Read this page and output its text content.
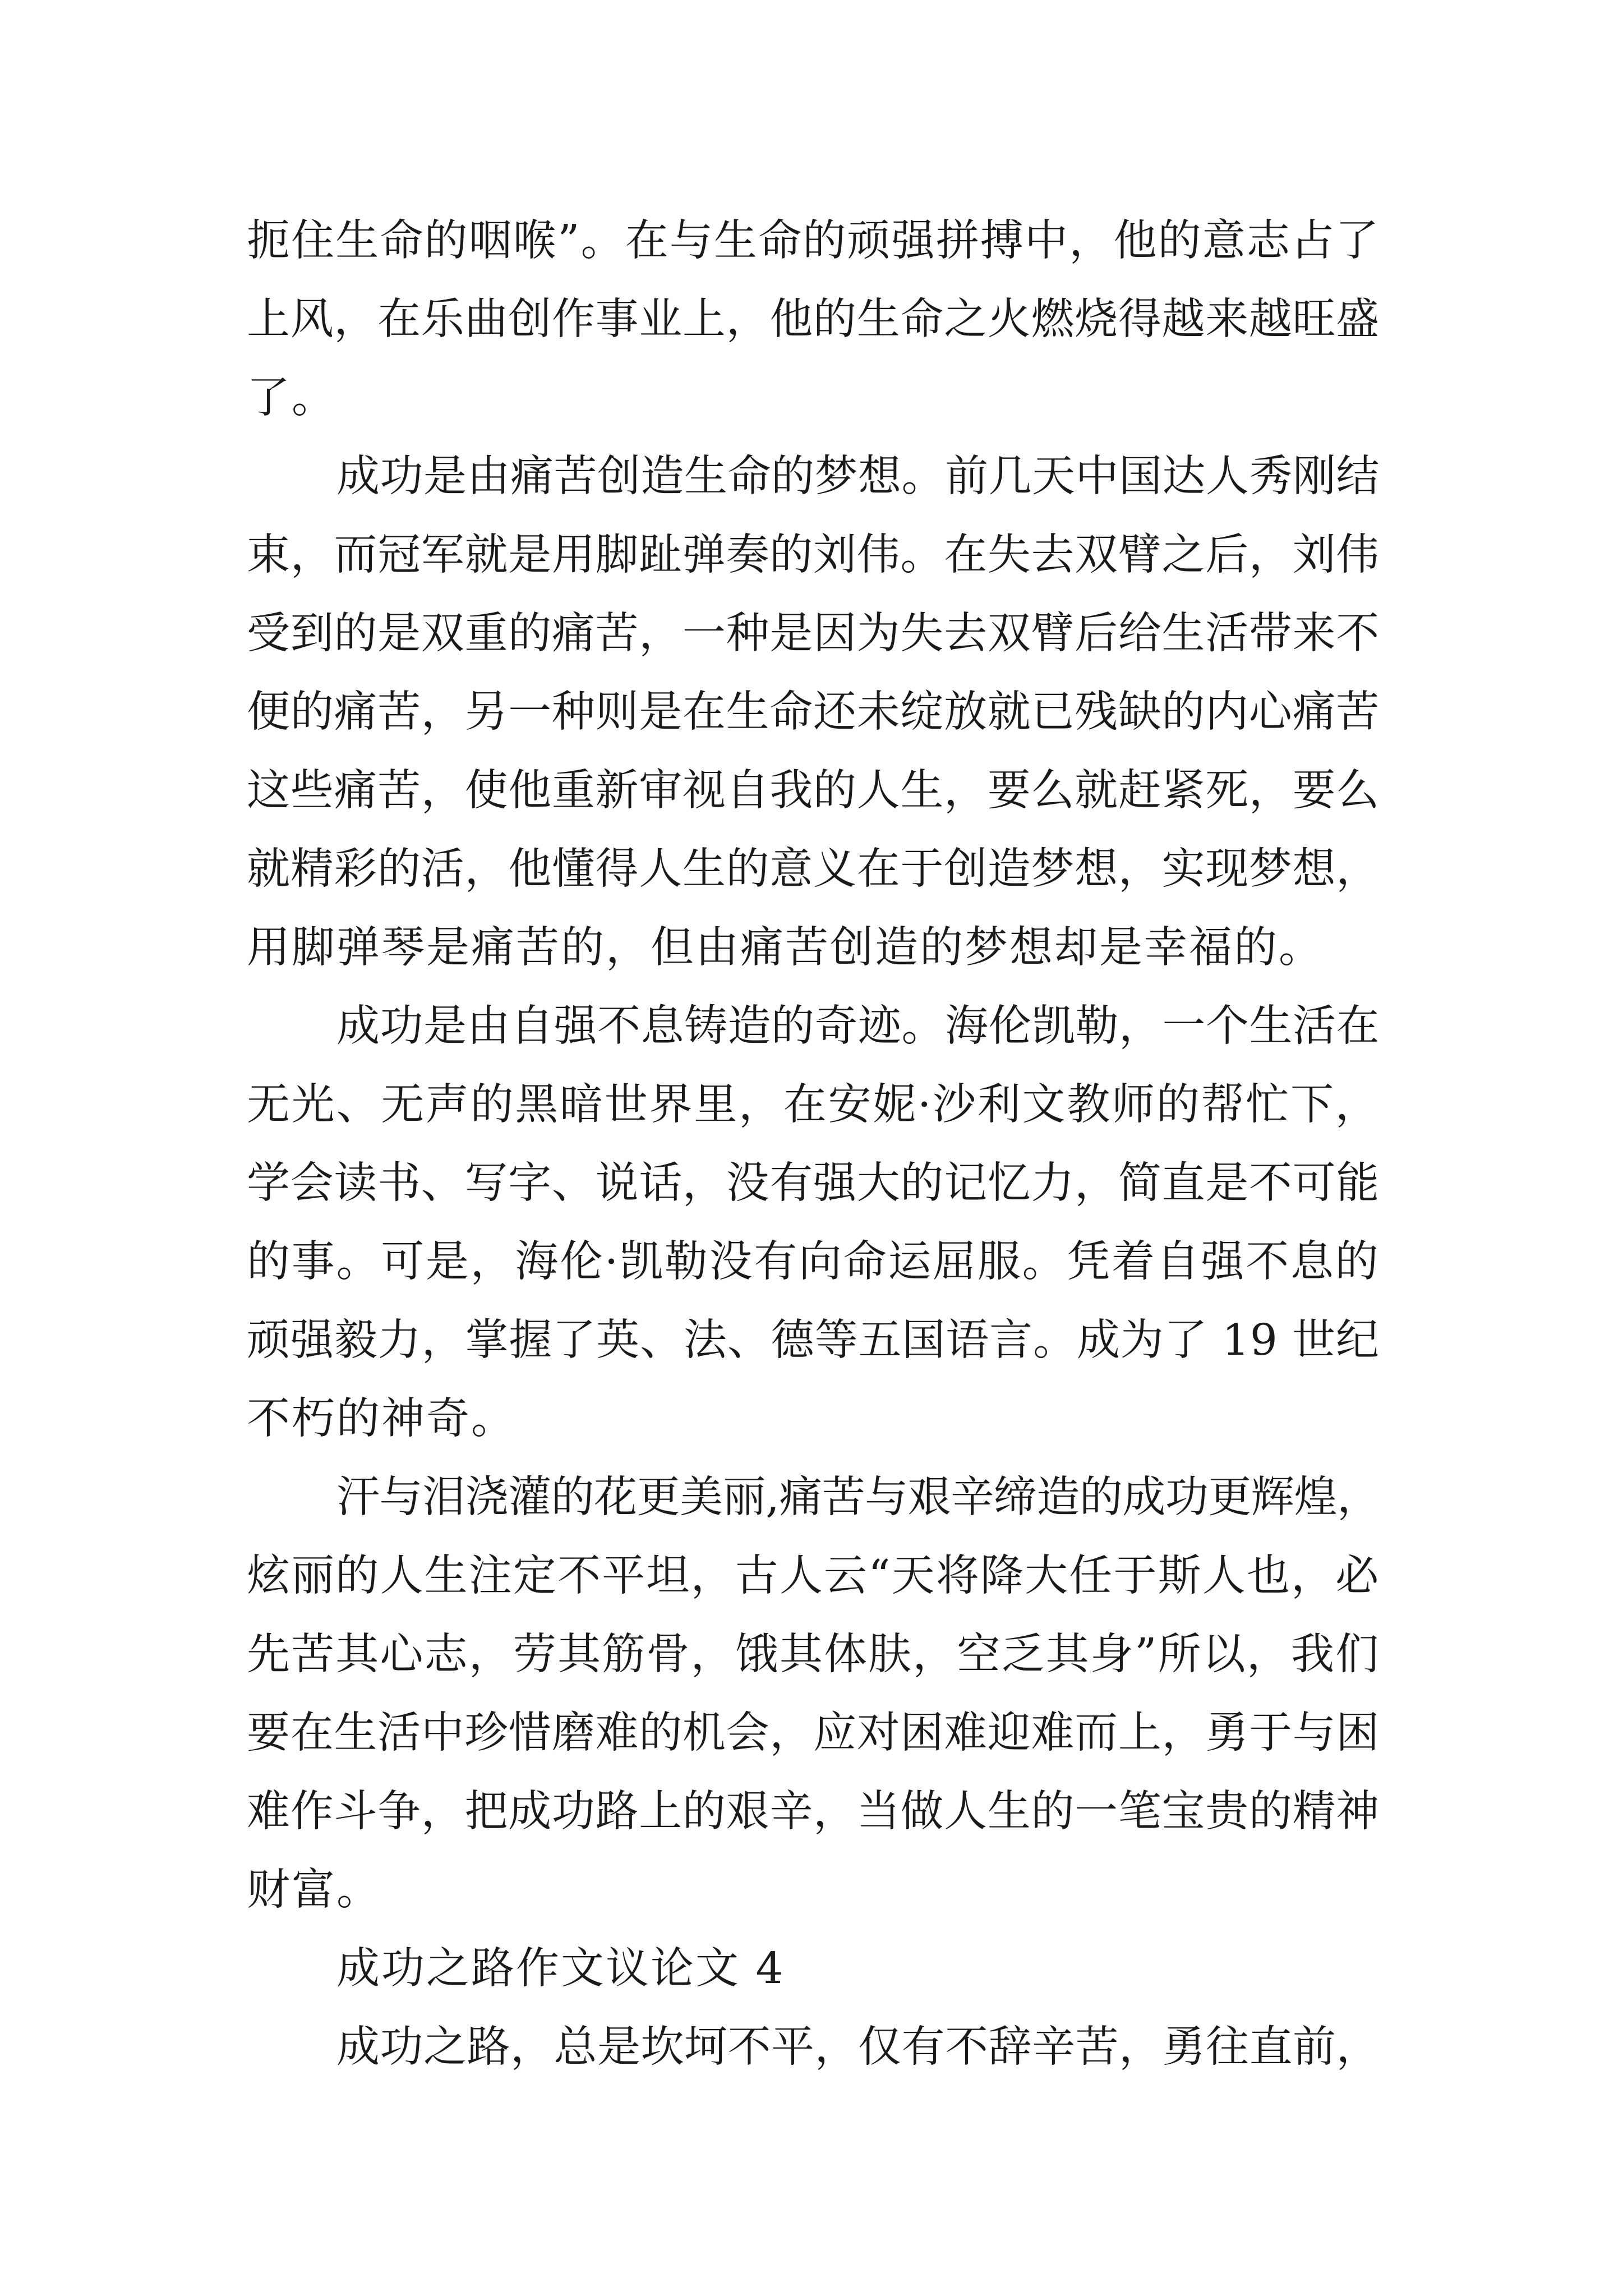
扼住生命的咽喉”。在与生命的顽强拼搏中，他的意志占了
上风，在乐曲创作事业上，他的生命之火燃烧得越来越旺盛
了。
成功是由痛苦创造生命的梦想。前几天中国达人秀刚结
束，而冠军就是用脚趾弹奏的刘伟。在失去双臂之后，刘伟
受到的是双重的痛苦，一种是因为失去双臂后给生活带来不
便的痛苦，另一种则是在生命还未绽放就已残缺的内心痛苦
这些痛苦，使他重新审视自我的人生，要么就赶紧死，要么
就精彩的活，他懂得人生的意义在于创造梦想，实现梦想，
用脚弹琴是痛苦的，但由痛苦创造的梦想却是幸福的。
成功是由自强不息铸造的奇迹。海伦凯勒，一个生活在
无光、无声的黑暗世界里，在安妮·沙利文教师的帮忙下，
学会读书、写字、说话，没有强大的记忆力，简直是不可能
的事。可是，海伦·凯勒没有向命运屈服。凭着自强不息的
顽强毅力，掌握了英、法、德等五国语言。成为了 19 世纪
不朽的神奇。
汗与泪浇灌的花更美丽,痛苦与艰辛缔造的成功更辉煌，
炫丽的人生注定不平坦，古人云“天将降大任于斯人也，必
先苦其心志，劳其筋骨，饿其体肤，空乏其身”所以，我们
要在生活中珍惜磨难的机会，应对困难迎难而上，勇于与困
难作斗争，把成功路上的艰辛，当做人生的一笔宝贵的精神
财富。
成功之路作文议论文 4
成功之路，总是坎坷不平，仅有不辞辛苦，勇往直前，
